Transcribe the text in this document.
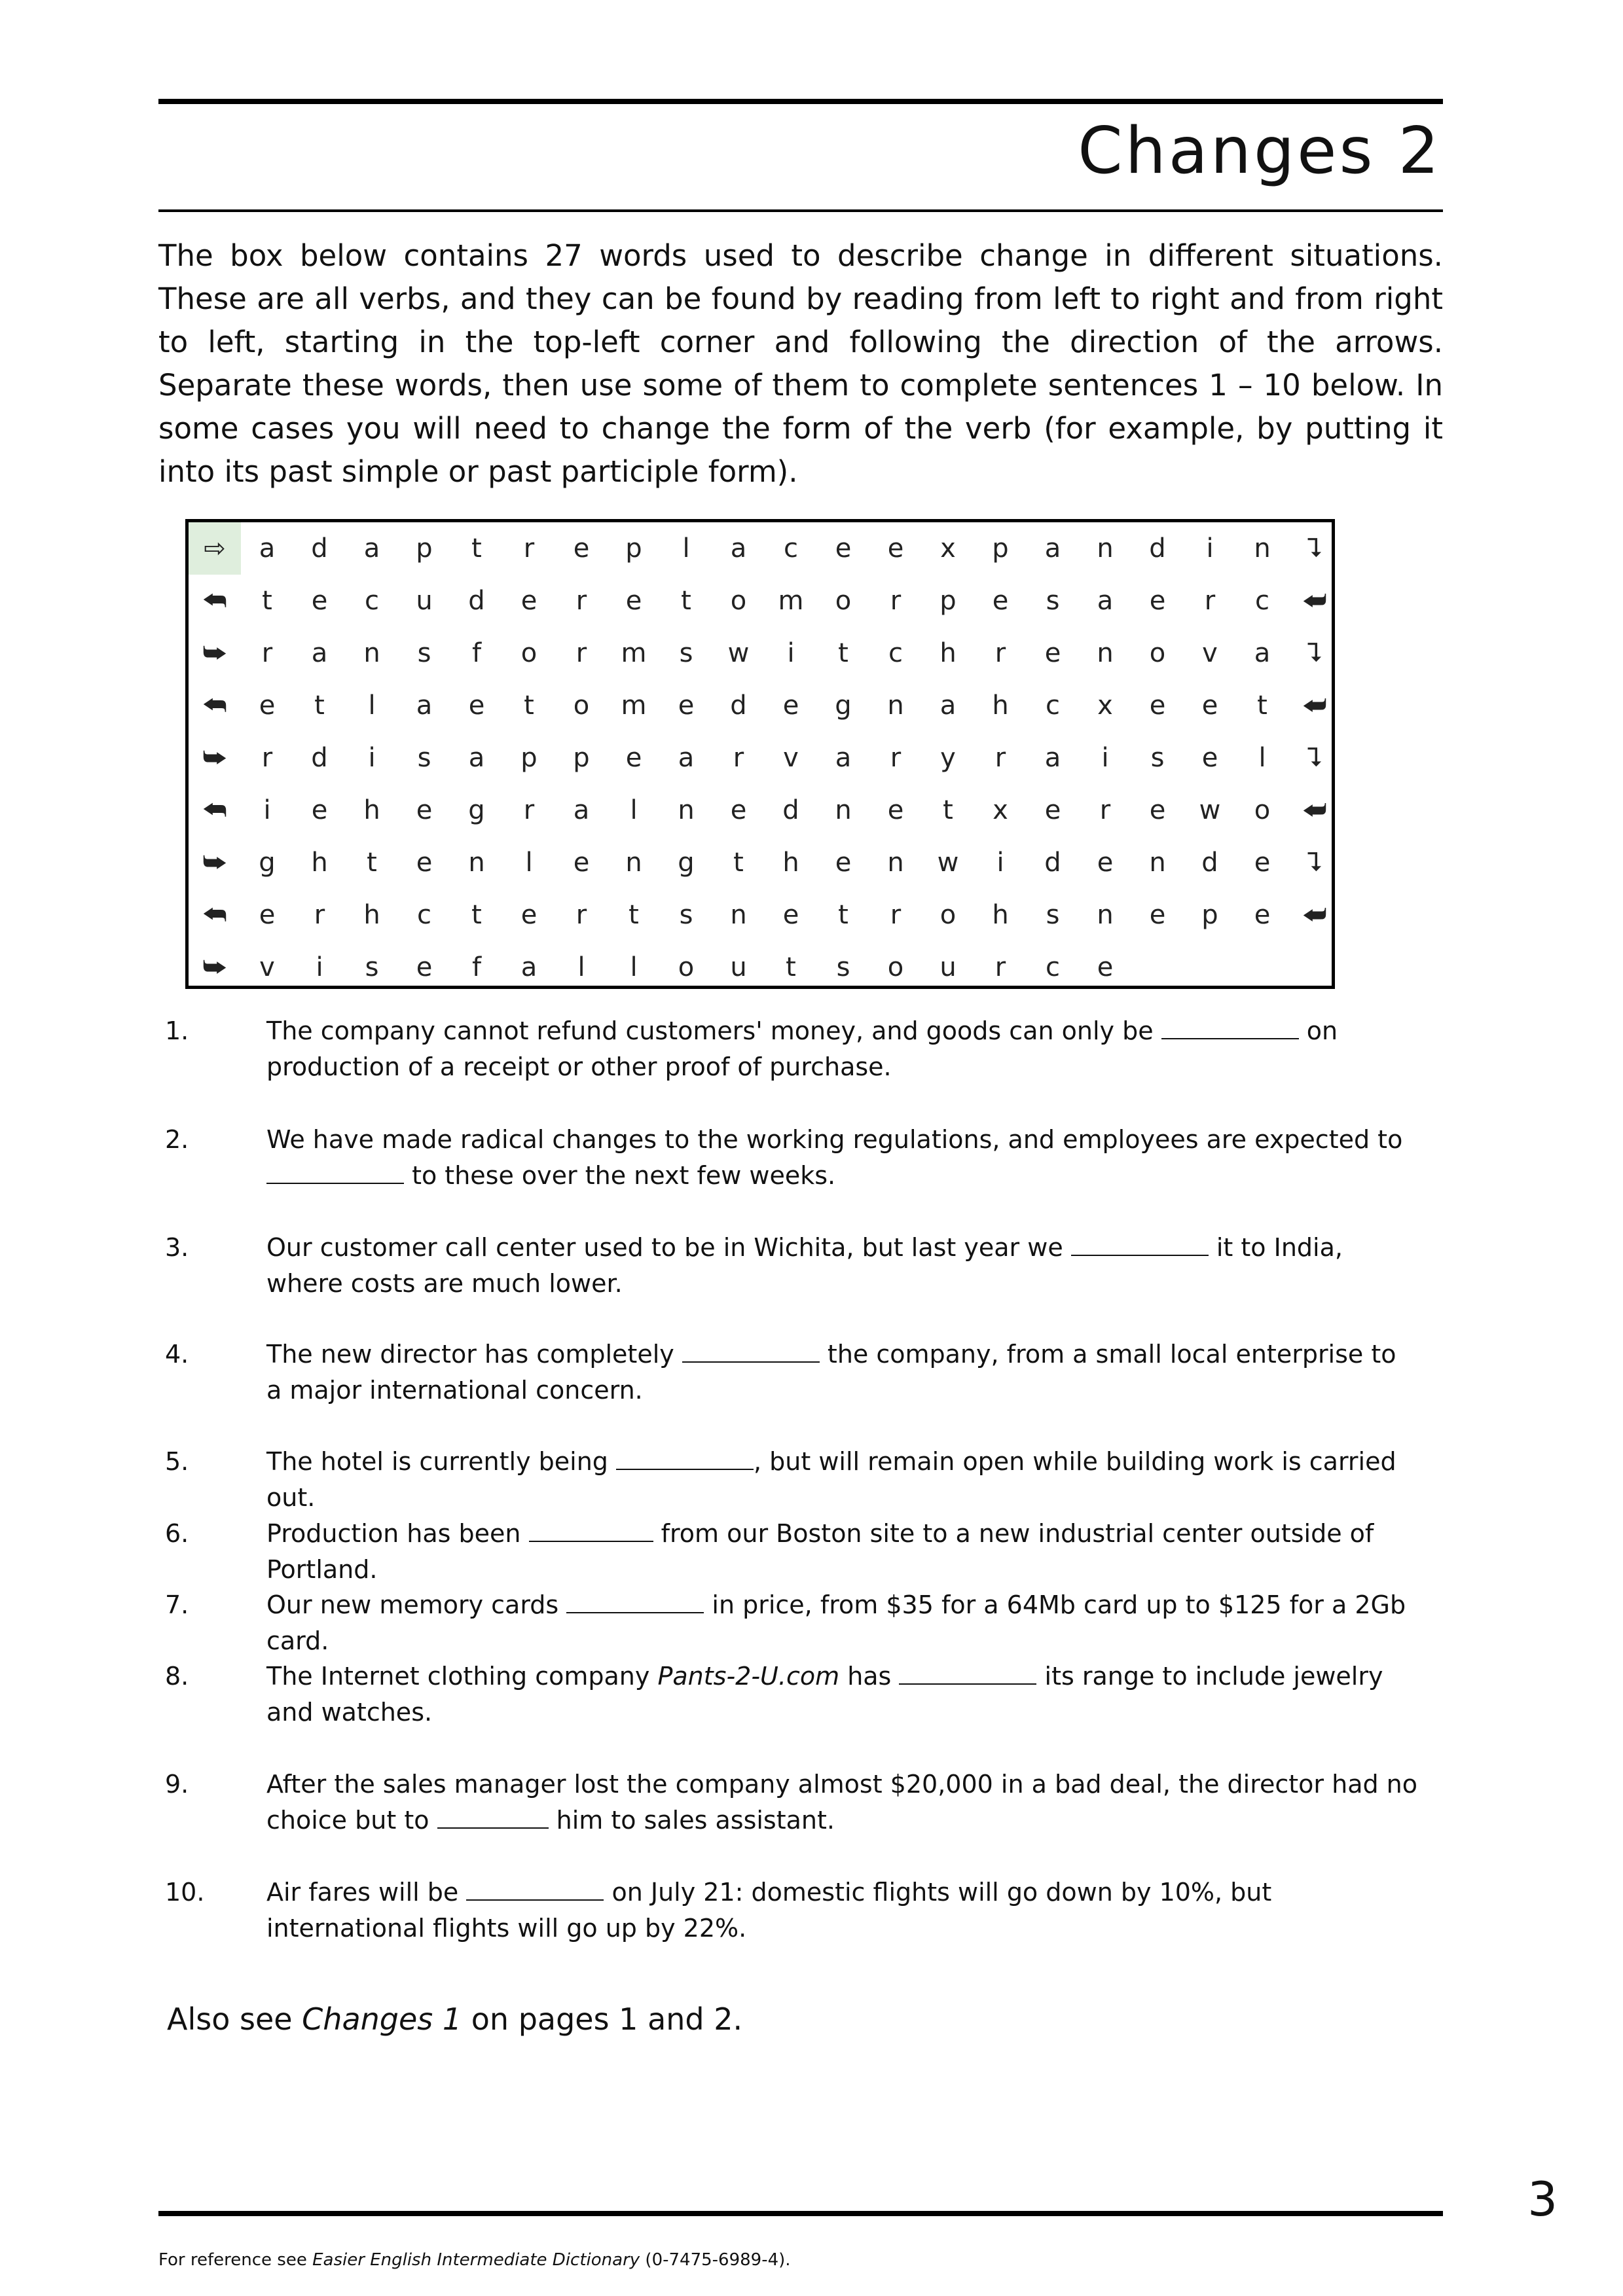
Changes 2

The box below contains 27 words used to describe change in different situations. These are all verbs, and they can be found by reading from left to right and from right to left, starting in the top-left corner and following the direction of the arrows. Separate these words, then use some of them to complete sentences 1 – 10 below. In some cases you will need to change the form of the verb (for example, by putting it into its past simple or past participle form).

⇨	a	d	a	p	t	r	e	p	l	a	c	e	e	x	p	a	n	d	i	n	⮧
⮪	t	e	c	u	d	e	r	e	t	o	m	o	r	p	e	s	a	e	r	c	⮨
⮩	r	a	n	s	f	o	r	m	s	w	i	t	c	h	r	e	n	o	v	a	⮧
⮪	e	t	l	a	e	t	o	m	e	d	e	g	n	a	h	c	x	e	e	t	⮨
⮩	r	d	i	s	a	p	p	e	a	r	v	a	r	y	r	a	i	s	e	l	⮧
⮪	i	e	h	e	g	r	a	l	n	e	d	n	e	t	x	e	r	e	w	o	⮨
⮩	g	h	t	e	n	l	e	n	g	t	h	e	n	w	i	d	e	n	d	e	⮧
⮪	e	r	h	c	t	e	r	t	s	n	e	t	r	o	h	s	n	e	p	e	⮨
⮩	v	i	s	e	f	a	l	l	o	u	t	s	o	u	r	c	e
1.	The company cannot refund customers' money, and goods can only be	on production of a receipt or other proof of purchase.
2.	We have made radical changes to the working regulations, and employees are expected to  to these over the next few weeks.
3.	Our customer call center used to be in Wichita, but last year we	it to India, where costs are much lower.
4.	The new director has completely	the company, from a small local enterprise to a major international concern.
5.	The hotel is currently being	, but will remain open while building work is carried out.
6.	Production has been	from our Boston site to a new industrial center outside of Portland.
7.	Our new memory cards	in price, from $35 for a 64Mb card up to $125 for a 2Gb card.
8.	The Internet clothing company Pants-2-U.com has	its range to include jewelry and watches.
9.	After the sales manager lost the company almost $20,000 in a bad deal, the director had no choice but to	him to sales assistant.
10. Air fares will be	on July 21: domestic flights will go down by 10%, but international flights will go up by 22%.
Also see Changes 1 on pages 1 and 2.
3
For reference see Easier English Intermediate Dictionary (0-7475-6989-4).
